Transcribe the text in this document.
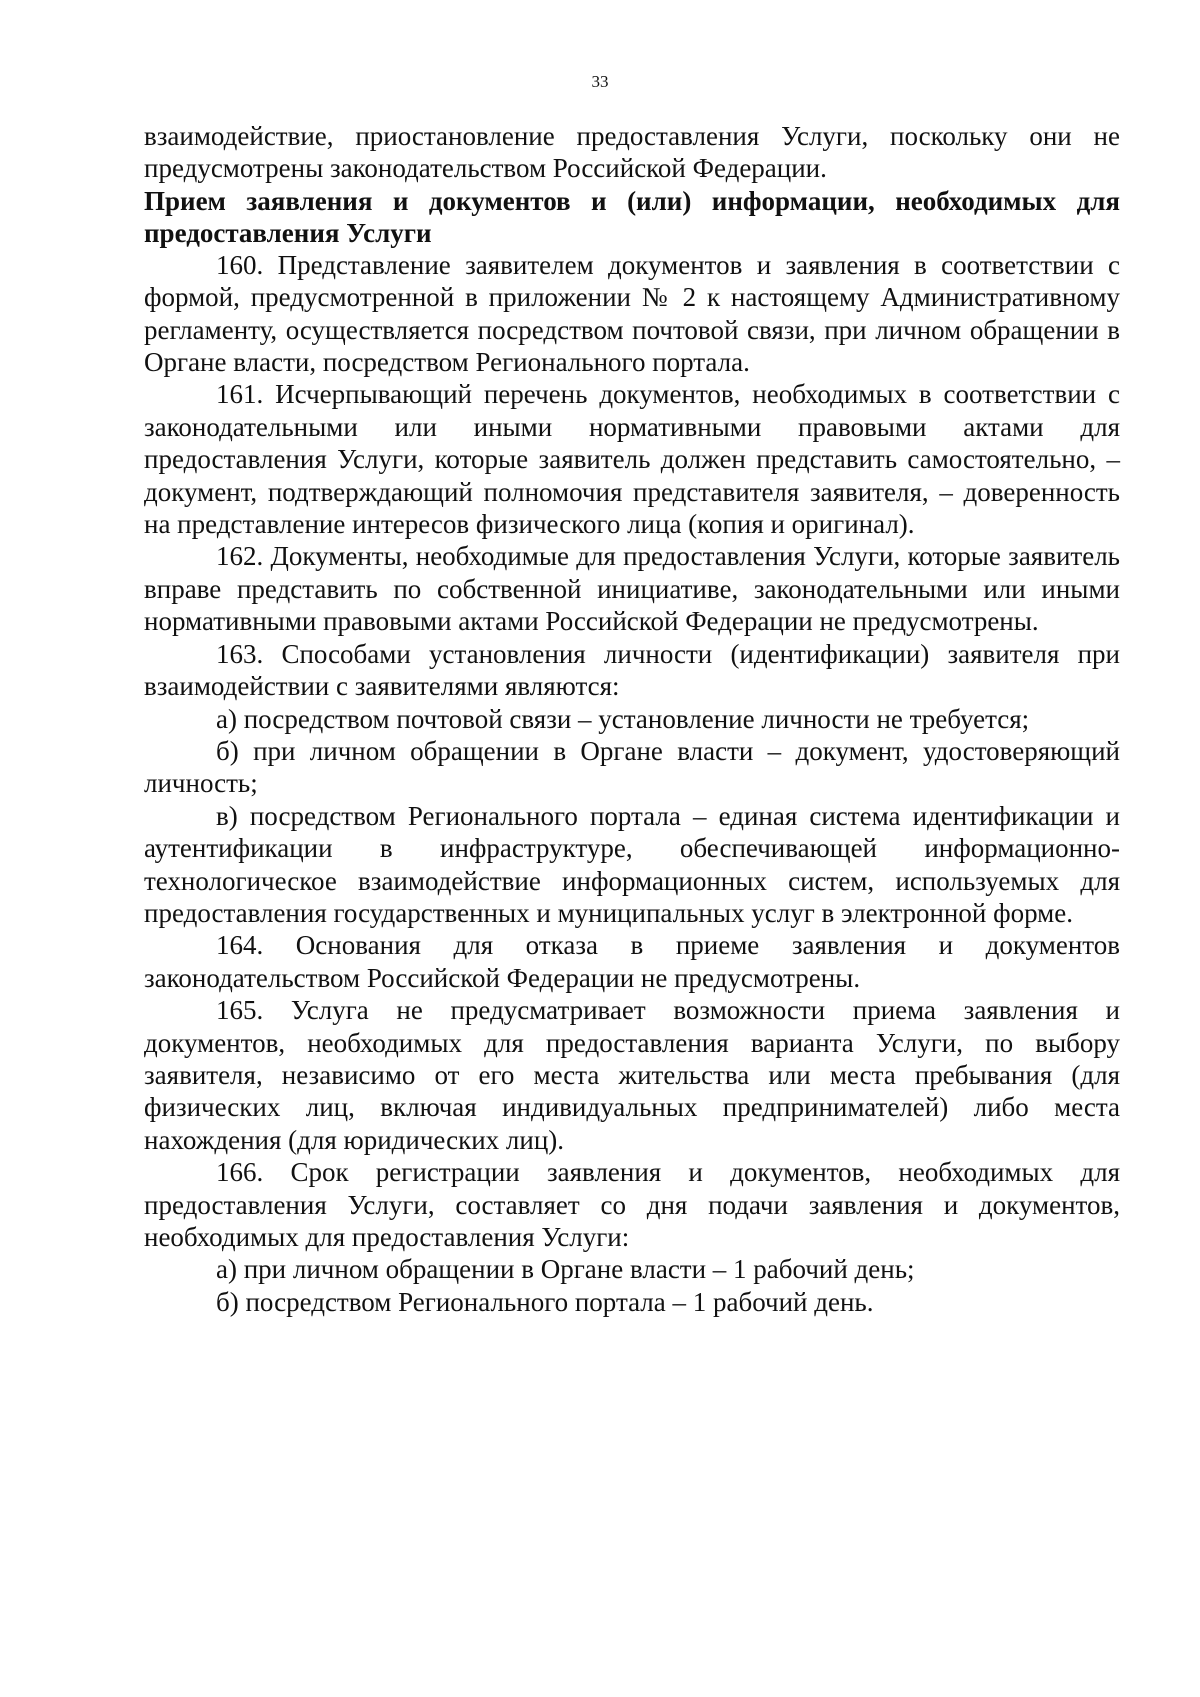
33

взаимодействие, приостановление предоставления Услуги, поскольку они не предусмотрены законодательством Российской Федерации.

Прием заявления и документов и (или) информации, необходимых для предоставления Услуги

160. Представление заявителем документов и заявления в соответствии с формой, предусмотренной в приложении № 2 к настоящему Административному регламенту, осуществляется посредством почтовой связи, при личном обращении в Органе власти, посредством Регионального портала.

161. Исчерпывающий перечень документов, необходимых в соответствии с законодательными или иными нормативными правовыми актами для предоставления Услуги, которые заявитель должен представить самостоятельно, – документ, подтверждающий полномочия представителя заявителя, – доверенность на представление интересов физического лица (копия и оригинал).

162. Документы, необходимые для предоставления Услуги, которые заявитель вправе представить по собственной инициативе, законодательными или иными нормативными правовыми актами Российской Федерации не предусмотрены.

163. Способами установления личности (идентификации) заявителя при взаимодействии с заявителями являются:

а) посредством почтовой связи – установление личности не требуется;

б) при личном обращении в Органе власти – документ, удостоверяющий личность;

в) посредством Регионального портала – единая система идентификации и аутентификации в инфраструктуре, обеспечивающей информационно-технологическое взаимодействие информационных систем, используемых для предоставления государственных и муниципальных услуг в электронной форме.

164. Основания для отказа в приеме заявления и документов законодательством Российской Федерации не предусмотрены.

165. Услуга не предусматривает возможности приема заявления и документов, необходимых для предоставления варианта Услуги, по выбору заявителя, независимо от его места жительства или места пребывания (для физических лиц, включая индивидуальных предпринимателей) либо места нахождения (для юридических лиц).

166. Срок регистрации заявления и документов, необходимых для предоставления Услуги, составляет со дня подачи заявления и документов, необходимых для предоставления Услуги:

а) при личном обращении в Органе власти – 1 рабочий день;

б) посредством Регионального портала – 1 рабочий день.
